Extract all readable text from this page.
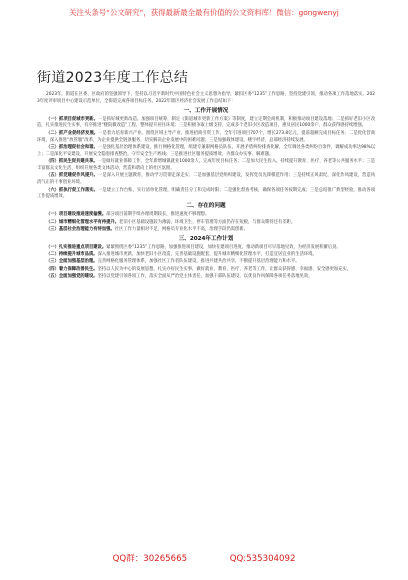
关注头条号“公文研究”，获得最新最全最有价值的公文资料库！微信：gongwenyj
街道2023年度工作总结

2023年，街道在区委、区政府的坚强领导下，坚持以习近平新时代中国特色社会主义思想为指导，紧扣区委“1235”工作思路，坚持党建引领，推动各项工作落地落实。2023年度评审项目中心建设示范单位，全街道完成各项目标任务。2022年辖区经济社会发展工作总结如下：

一、工作开展情况

（一）抓项目促城市更新。一是抓好城更新改造。加强项目统筹，制定《街道城市更新工作方案》等制度，建立定期会商机制，积极推动项目建设落地；二是抓好老旧小区改造，扎实推进民生实事，有序推进“楼院微改造”工程，整体提升居住环境；三是积极争取上级支持，完成多个老旧小区改造项目，惠及居民1000余户，群众获得感持续增强。

（二）抓产业促经济发展。一是着力培育新兴产业。围绕区域主导产业，推进招商引资工作，全年引进项目707个，增长273.8亿元，提前超额完成目标任务；二是优化营商环境，深入推进“放管服”改革，为企业提供全链条服务，切实解决企业发展中的困难问题；三是加强载体建设，楼宇经济、总部经济持续发展。

（三）抓治理促社会和谐。一是强化基层治理体系建设，推行网格化管理，组建专兼职网格员队伍，开展矛盾纠纷排查化解，全年调处各类纠纷百余件，调解成功率达98%以上；二是深化平安建设，开展安全隐患排查整治，守牢安全生产底线；三是推进社区服务提质增效，为群众办实事、解难题。

（四）抓民生促共建共享。一是做好就业保障工作，全年新增城镇就业1000余人，完成年度目标任务；二是加大民生投入，持续提升教育、医疗、养老等公共服务水平；三是丰富群众文化生活，组织开展各类文体活动，营造和谐向上的社区氛围。

（五）抓党建促作风提升。一是深入开展主题教育，推动学习贯彻走深走实；二是加强基层党组织建设，发挥党员先锋模范作用；三是持续正风肃纪，深化作风建设，营造风清气正的干事创业环境。

（六）抓执行促工作落实。一是建立工作台账，实行清单化管理，明确责任分工和完成时限；二是强化督查考核，确保各项任务按期完成；三是总结推广典型经验，推动各项工作提质增效。

二、存在的问题

（一）项目建设推进速度偏慢。部分项目前期手续办理周期较长，推进速度不够理想。

（二）城市精细化管理水平有待提升。老旧小区基础设施较为薄弱，环境卫生、停车管理等方面仍存在短板，与群众期待还有差距。

（三）基层社会治理能力有待加强。社区工作力量相对不足，网格员专业化水平不高，治理手段仍需创新。

三、2024年工作计划

（一）扎实推进重点项目建设。紧紧围绕区委“1235”工作思路，加强推进项目建设，加快在建项目进度，推动新项目尽早落地见效，为经济发展积蓄后劲。

（二）持续提升城市品质。深入推进城市更新，加快老旧小区改造，完善基础设施配套，提升城市精细化管理水平，打造宜居宜业的生活环境。

（三）全面加强基层治理。完善网格化服务管理体系，加强社区工作者队伍建设，推进共建共治共享，不断提升基层治理能力和水平。

（四）着力保障改善民生。坚持以人民为中心的发展思想，扎实办好民生实事，做好就业、教育、医疗、养老等工作，让群众获得感、幸福感、安全感更加充实。

（五）全面加强党的建设。坚持以党建引领各项工作，落实全面从严治党主体责任，加强干部队伍建设，以优良作风保障各项任务落地见效。

QQ群：30265665	QQ:535304092
